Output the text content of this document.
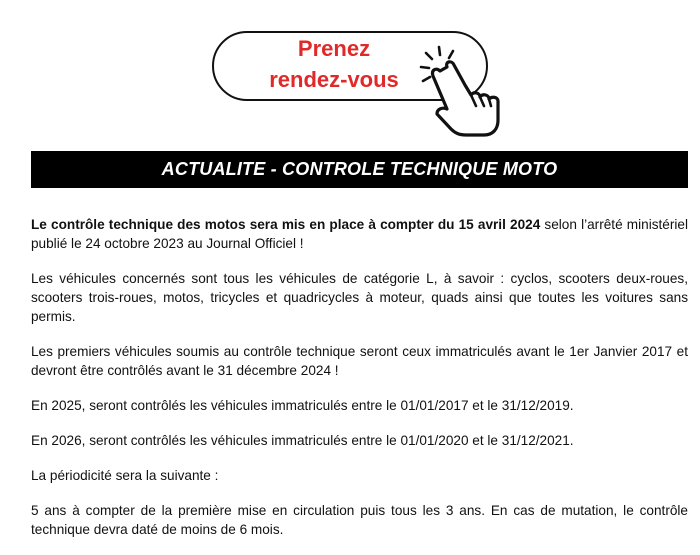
Prenez
rendez-vous
ACTUALITE - CONTROLE TECHNIQUE MOTO

Le contrôle technique des motos sera mis en place à compter du 15 avril 2024 selon l’arrêté ministériel publié le 24 octobre 2023 au Journal Officiel !

Les véhicules concernés sont tous les véhicules de catégorie L, à savoir : cyclos, scooters deux-roues, scooters trois-roues, motos, tricycles et quadricycles à moteur, quads ainsi que toutes les voitures sans permis.

Les premiers véhicules soumis au contrôle technique seront ceux immatriculés avant le 1er Janvier 2017 et devront être contrôlés avant le 31 décembre 2024 !

En 2025, seront contrôlés les véhicules immatriculés entre le 01/01/2017 et le 31/12/2019.

En 2026, seront contrôlés les véhicules immatriculés entre le 01/01/2020 et le 31/12/2021.

La périodicité sera la suivante :

5 ans à compter de la première mise en circulation puis tous les 3 ans. En cas de mutation, le contrôle technique devra daté de moins de 6 mois.
